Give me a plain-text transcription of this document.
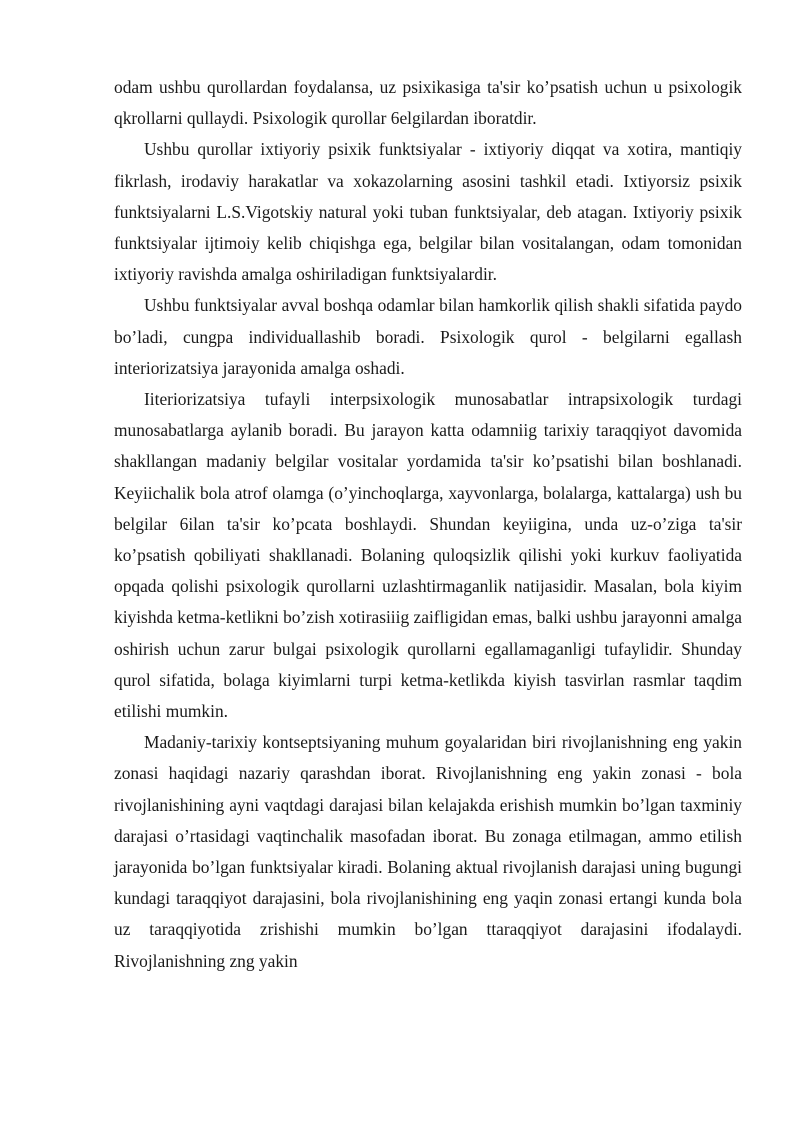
odam ushbu qurollardan foydalansa, uz psixikasiga ta'sir ko’psatish uchun u psixologik qkrollarni qullaydi. Psixologik qurollar 6elgilardan iboratdir.

Ushbu qurollar ixtiyoriy psixik funktsiyalar - ixtiyoriy diqqat va xotira, mantiqiy fikrlash, irodaviy harakatlar va xokazolarning asosini tashkil etadi. Ixtiyorsiz psixik funktsiyalarni L.S.Vigotskiy natural yoki tuban funktsiyalar, deb atagan. Ixtiyoriy psixik funktsiyalar ijtimoiy kelib chiqishga ega, belgilar bilan vositalangan, odam tomonidan ixtiyoriy ravishda amalga oshiriladigan funktsiyalardir.

Ushbu funktsiyalar avval boshqa odamlar bilan hamkorlik qilish shakli sifatida paydo bo’ladi, cungpa individuallashib boradi. Psixologik qurol - belgilarni egallash interiorizatsiya jarayonida amalga oshadi.

Iiteriorizatsiya tufayli interpsixologik munosabatlar intrapsixologik turdagi munosabatlarga aylanib boradi. Bu jarayon katta odamniig tarixiy taraqqiyot davomida shakllangan madaniy belgilar vositalar yordamida ta'sir ko’psatishi bilan boshlanadi. Keyiichalik bola atrof olamga (o’yinchoqlarga, xayvonlarga, bolalarga, kattalarga) ush bu belgilar 6ilan ta'sir ko’pcata boshlaydi. Shundan keyiigina, unda uz-o’ziga ta'sir ko’psatish qobiliyati shakllanadi. Bolaning quloqsizlik qilishi yoki kurkuv faoliyatida opqada qolishi psixologik qurollarni uzlashtirmaganlik natijasidir. Masalan, bola kiyim kiyishda ketma-ketlikni bo’zish xotirasiiig zaifligidan emas, balki ushbu jarayonni amalga oshirish uchun zarur bulgai psixologik qurollarni egallamaganligi tufaylidir. Shunday qurol sifatida, bolaga kiyimlarni turpi ketma-ketlikda kiyish tasvirlan rasmlar taqdim etilishi mumkin.

Madaniy-tarixiy kontseptsiyaning muhum goyalaridan biri rivojlanishning eng yakin zonasi haqidagi nazariy qarashdan iborat. Rivojlanishning eng yakin zonasi - bola rivojlanishining ayni vaqtdagi darajasi bilan kelajakda erishish mumkin bo’lgan taxminiy darajasi o’rtasidagi vaqtinchalik masofadan iborat. Bu zonaga etilmagan, ammo etilish jarayonida bo’lgan funktsiyalar kiradi. Bolaning aktual rivojlanish darajasi uning bugungi kundagi taraqqiyot darajasini, bola rivojlanishining eng yaqin zonasi ertangi kunda bola uz taraqqiyotida zrishishi mumkin bo’lgan ttaraqqiyot darajasini ifodalaydi. Rivojlanishning zng yakin
